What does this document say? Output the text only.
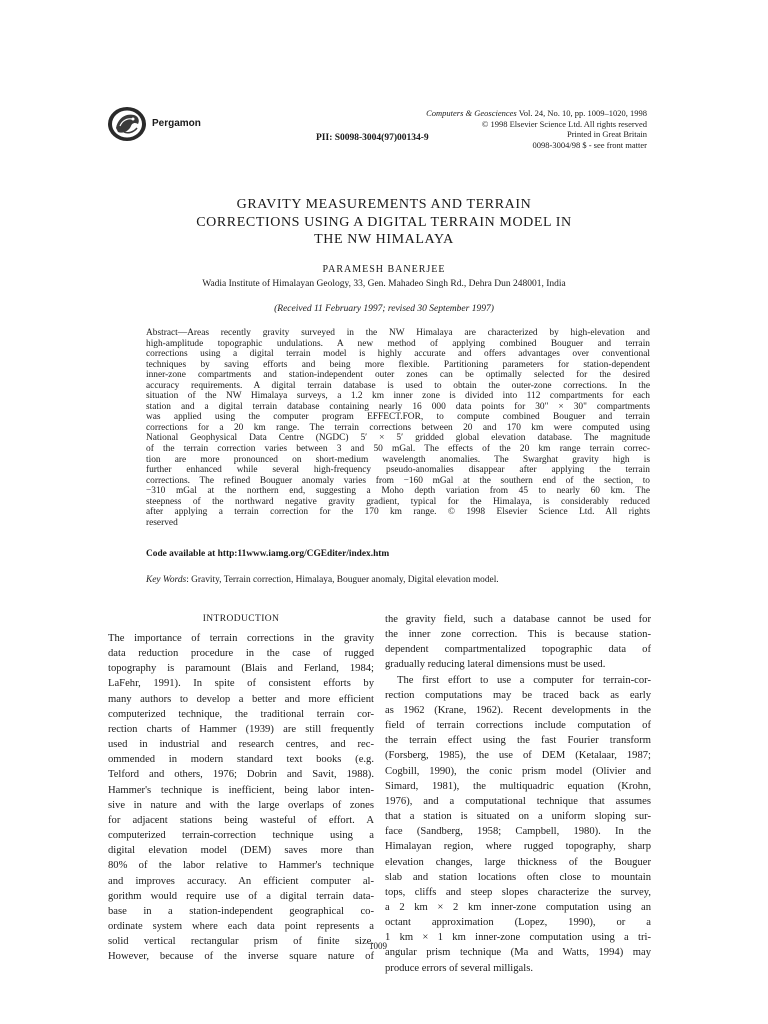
Pergamon
Computers & Geosciences Vol. 24, No. 10, pp. 1009–1020, 1998
© 1998 Elsevier Science Ltd. All rights reserved
Printed in Great Britain
0098-3004/98 $ - see front matter
PII: S0098-3004(97)00134-9
GRAVITY MEASUREMENTS AND TERRAIN
CORRECTIONS USING A DIGITAL TERRAIN MODEL IN
THE NW HIMALAYA
PARAMESH BANERJEE
Wadia Institute of Himalayan Geology, 33, Gen. Mahadeo Singh Rd., Dehra Dun 248001, India
(Received 11 February 1997; revised 30 September 1997)
Abstract—Areas recently gravity surveyed in the NW Himalaya are characterized by high-elevation and
high-amplitude topographic undulations. A new method of applying combined Bouguer and terrain
corrections using a digital terrain model is highly accurate and offers advantages over conventional
techniques by saving efforts and being more flexible. Partitioning parameters for station-dependent
inner-zone compartments and station-independent outer zones can be optimally selected for the desired
accuracy requirements. A digital terrain database is used to obtain the outer-zone corrections. In the
situation of the NW Himalaya surveys, a 1.2 km inner zone is divided into 112 compartments for each
station and a digital terrain database containing nearly 16 000 data points for 30" × 30" compartments
was applied using the computer program EFFECT.FOR, to compute combined Bouguer and terrain
corrections for a 20 km range. The terrain corrections between 20 and 170 km were computed using
National Geophysical Data Centre (NGDC) 5′ × 5′ gridded global elevation database. The magnitude
of the terrain correction varies between 3 and 50 mGal. The effects of the 20 km range terrain correc-
tion are more pronounced on short-medium wavelength anomalies. The Swarghat gravity high is
further enhanced while several high-frequency pseudo-anomalies disappear after applying the terrain
corrections. The refined Bouguer anomaly varies from −160 mGal at the southern end of the section, to
−310 mGal at the northern end, suggesting a Moho depth variation from 45 to nearly 60 km. The
steepness of the northward negative gravity gradient, typical for the Himalaya, is considerably reduced
after applying a terrain correction for the 170 km range. © 1998 Elsevier Science Ltd. All rights
reserved
Code available at http:11www.iamg.org/CGEditer/index.htm
Key Words: Gravity, Terrain correction, Himalaya, Bouguer anomaly, Digital elevation model.
INTRODUCTION
The importance of terrain corrections in the gravity
data reduction procedure in the case of rugged
topography is paramount (Blais and Ferland, 1984;
LaFehr, 1991). In spite of consistent efforts by
many authors to develop a better and more efficient
computerized technique, the traditional terrain cor-
rection charts of Hammer (1939) are still frequently
used in industrial and research centres, and rec-
ommended in modern standard text books (e.g.
Telford and others, 1976; Dobrin and Savit, 1988).
Hammer's technique is inefficient, being labor inten-
sive in nature and with the large overlaps of zones
for adjacent stations being wasteful of effort. A
computerized terrain-correction technique using a
digital elevation model (DEM) saves more than
80% of the labor relative to Hammer's technique
and improves accuracy. An efficient computer al-
gorithm would require use of a digital terrain data-
base in a station-independent geographical co-
ordinate system where each data point represents a
solid vertical rectangular prism of finite size.
However, because of the inverse square nature of
the gravity field, such a database cannot be used for
the inner zone correction. This is because station-
dependent compartmentalized topographic data of
gradually reducing lateral dimensions must be used.
The first effort to use a computer for terrain-cor-
rection computations may be traced back as early
as 1962 (Krane, 1962). Recent developments in the
field of terrain corrections include computation of
the terrain effect using the fast Fourier transform
(Forsberg, 1985), the use of DEM (Ketalaar, 1987;
Cogbill, 1990), the conic prism model (Olivier and
Simard, 1981), the multiquadric equation (Krohn,
1976), and a computational technique that assumes
that a station is situated on a uniform sloping sur-
face (Sandberg, 1958; Campbell, 1980). In the
Himalayan region, where rugged topography, sharp
elevation changes, large thickness of the Bouguer
slab and station locations often close to mountain
tops, cliffs and steep slopes characterize the survey,
a 2 km × 2 km inner-zone computation using an
octant approximation (Lopez, 1990), or a
1 km × 1 km inner-zone computation using a tri-
angular prism technique (Ma and Watts, 1994) may
produce errors of several milligals.
1009
